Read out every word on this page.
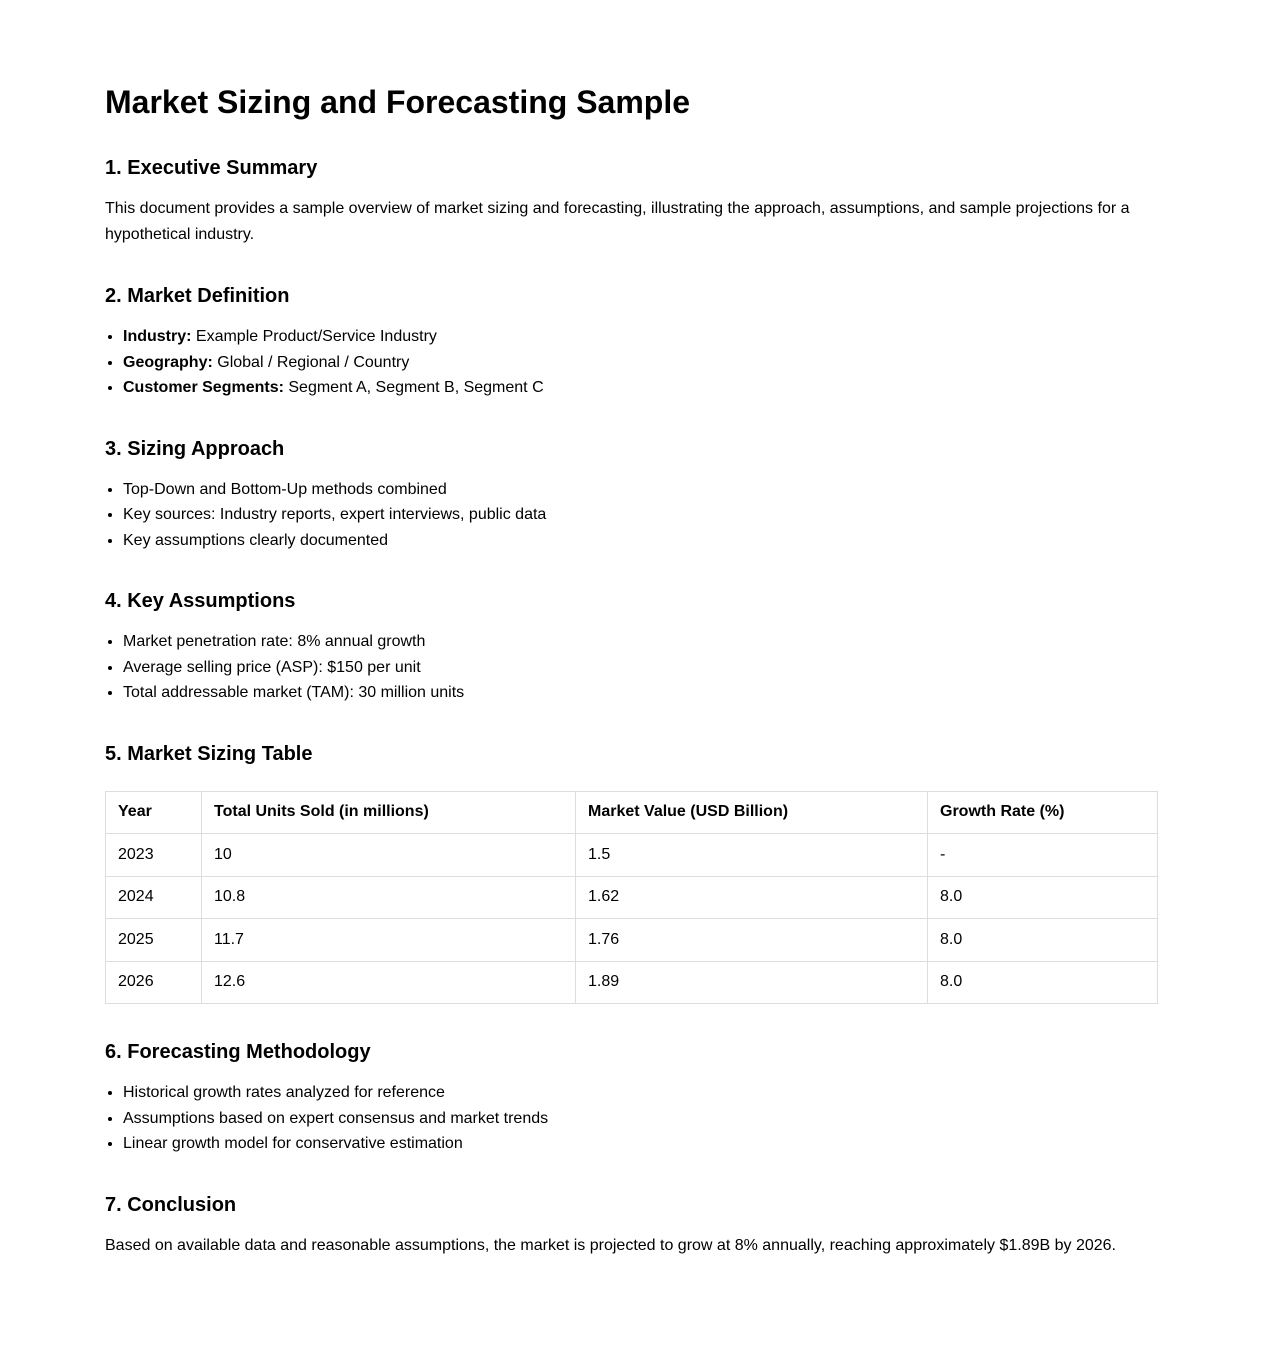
Market Sizing and Forecasting Sample
1. Executive Summary

This document provides a sample overview of market sizing and forecasting, illustrating the approach, assumptions, and sample projections for a hypothetical industry.

2. Market Definition
• Industry: Example Product/Service Industry
• Geography: Global / Regional / Country
• Customer Segments: Segment A, Segment B, Segment C
3. Sizing Approach
• Top-Down and Bottom-Up methods combined
• Key sources: Industry reports, expert interviews, public data
• Key assumptions clearly documented
4. Key Assumptions
• Market penetration rate: 8% annual growth
• Average selling price (ASP): $150 per unit
• Total addressable market (TAM): 30 million units
5. Market Sizing Table
Year	Total Units Sold (in millions)	Market Value (USD Billion)	Growth Rate (%)
2023	10	1.5	-
2024	10.8	1.62	8.0
2025	11.7	1.76	8.0
2026	12.6	1.89	8.0
6. Forecasting Methodology
• Historical growth rates analyzed for reference
• Assumptions based on expert consensus and market trends
• Linear growth model for conservative estimation
7. Conclusion

Based on available data and reasonable assumptions, the market is projected to grow at 8% annually, reaching approximately $1.89B by 2026.
